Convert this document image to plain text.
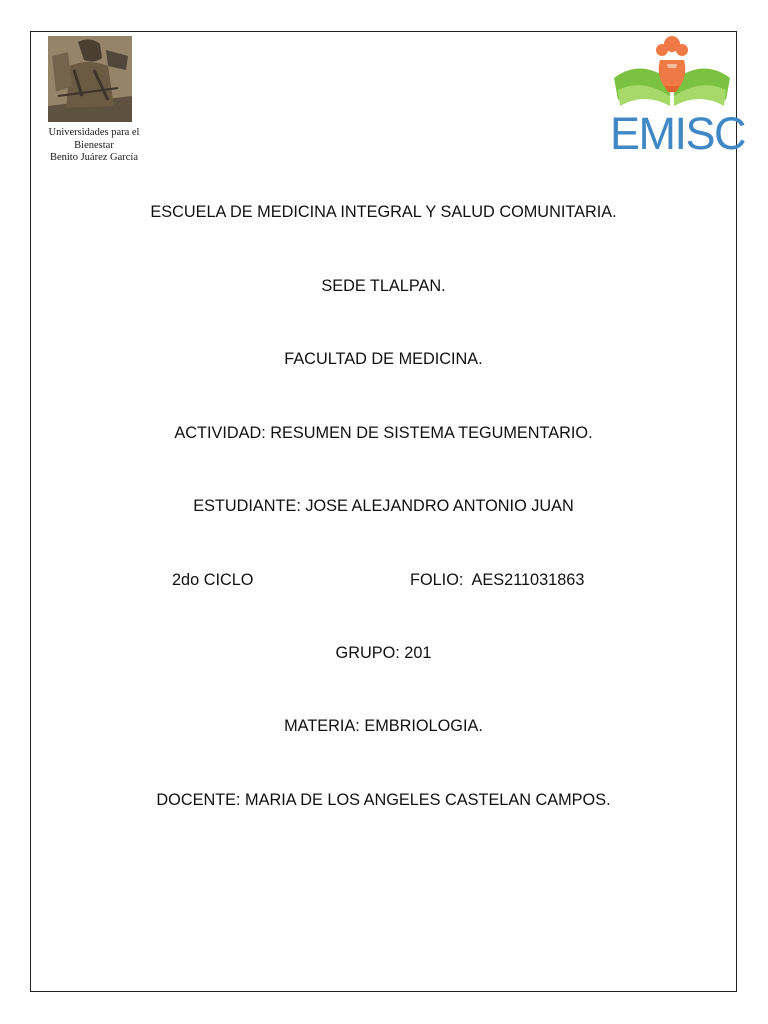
Universidades para el
Bienestar
Benito Juárez García	EMISC
ESCUELA DE MEDICINA INTEGRAL Y SALUD COMUNITARIA.
SEDE TLALPAN.
FACULTAD DE MEDICINA.
ACTIVIDAD: RESUMEN DE SISTEMA TEGUMENTARIO.
ESTUDIANTE: JOSE ALEJANDRO ANTONIO JUAN
2do CICLO	FOLIO:  AES211031863
GRUPO: 201
MATERIA: EMBRIOLOGIA.
DOCENTE: MARIA DE LOS ANGELES CASTELAN CAMPOS.
